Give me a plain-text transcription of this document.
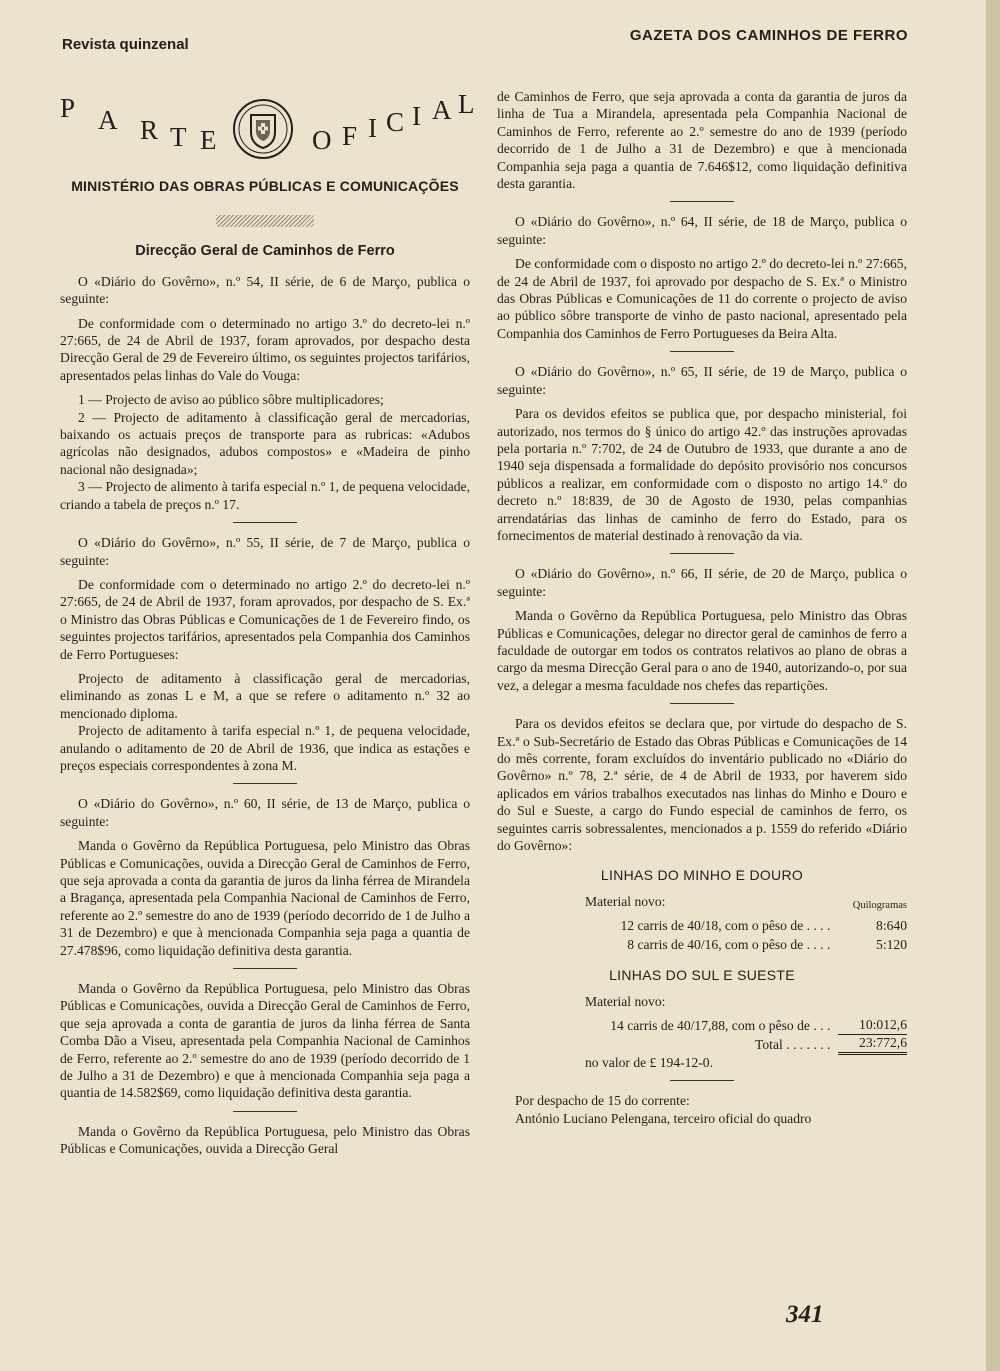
Revista quinzenal
GAZETA DOS CAMINHOS DE FERRO
P A R T E	O F I C I A L
MINISTÉRIO DAS OBRAS PÚBLICAS E COMUNICAÇÕES
Direcção Geral de Caminhos de Ferro

O «Diário do Govêrno», n.º 54, II série, de 6 de Março, publica o seguinte:

De conformidade com o determinado no artigo 3.º do decreto-lei n.º 27:665, de 24 de Abril de 1937, foram aprovados, por despacho desta Direcção Geral de 29 de Fevereiro último, os seguintes projectos tarifários, apresentados pelas linhas do Vale do Vouga:

1 — Projecto de aviso ao público sôbre multiplicadores;

2 — Projecto de aditamento à classificação geral de mercadorias, baixando os actuais preços de transporte para as rubricas: «Adubos agrícolas não designados, adubos compostos» e «Madeira de pinho nacional não designada»;

3 — Projecto de alimento à tarifa especial n.º 1, de pequena velocidade, criando a tabela de preços n.º 17.

O «Diário do Govêrno», n.º 55, II série, de 7 de Março, publica o seguinte:

De conformidade com o determinado no artigo 2.º do decreto-lei n.º 27:665, de 24 de Abril de 1937, foram aprovados, por despacho de S. Ex.ª o Ministro das Obras Públicas e Comunicações de 1 de Fevereiro findo, os seguintes projectos tarifários, apresentados pela Companhia dos Caminhos de Ferro Portugueses:

Projecto de aditamento à classificação geral de mercadorias, eliminando as zonas L e M, a que se refere o aditamento n.º 32 ao mencionado diploma.

Projecto de aditamento à tarifa especial n.º 1, de pequena velocidade, anulando o aditamento de 20 de Abril de 1936, que indica as estações e preços especiais correspondentes à zona M.

O «Diário do Govêrno», n.º 60, II série, de 13 de Março, publica o seguinte:

Manda o Govêrno da República Portuguesa, pelo Ministro das Obras Públicas e Comunicações, ouvida a Direcção Geral de Caminhos de Ferro, que seja aprovada a conta da garantia de juros da linha férrea de Mirandela a Bragança, apresentada pela Companhia Nacional de Caminhos de Ferro, referente ao 2.º semestre do ano de 1939 (período decorrido de 1 de Julho a 31 de Dezembro) e que à mencionada Companhia seja paga a quantia de 27.478$96, como liquidação definitiva desta garantia.

Manda o Govêrno da República Portuguesa, pelo Ministro das Obras Públicas e Comunicações, ouvida a Direcção Geral de Caminhos de Ferro, que seja aprovada a conta de garantia de juros da linha férrea de Santa Comba Dão a Viseu, apresentada pela Companhia Nacional de Caminhos de Ferro, referente ao 2.º semestre do ano de 1939 (período decorrido de 1 de Julho a 31 de Dezembro) e que à mencionada Companhia seja paga a quantia de 14.582$69, como liquidação definitiva desta garantia.

Manda o Govêrno da República Portuguesa, pelo Ministro das Obras Públicas e Comunicações, ouvida a Direcção Geral

de Caminhos de Ferro, que seja aprovada a conta da garantia de juros da linha de Tua a Mirandela, apresentada pela Companhia Nacional de Caminhos de Ferro, referente ao 2.º semestre do ano de 1939 (período decorrido de 1 de Julho a 31 de Dezembro) e que à mencionada Companhia seja paga a quantia de 7.646$12, como liquidação definitiva desta garantia.

O «Diário do Govêrno», n.º 64, II série, de 18 de Março, publica o seguinte:

De conformidade com o disposto no artigo 2.º do decreto-lei n.º 27:665, de 24 de Abril de 1937, foi aprovado por despacho de S. Ex.ª o Ministro das Obras Públicas e Comunicações de 11 do corrente o projecto de aviso ao público sôbre transporte de vinho de pasto nacional, apresentado pela Companhia dos Caminhos de Ferro Portugueses da Beira Alta.

O «Diário do Govêrno», n.º 65, II série, de 19 de Março, publica o seguinte:

Para os devidos efeitos se publica que, por despacho ministerial, foi autorizado, nos termos do § único do artigo 42.º das instruções aprovadas pela portaria n.º 7:702, de 24 de Outubro de 1933, que durante a ano de 1940 seja dispensada a formalidade do depósito provisório nos concursos públicos a realizar, em conformidade com o disposto no artigo 14.º do decreto n.º 18:839, de 30 de Agosto de 1930, pelas companhias arrendatárias das linhas de caminho de ferro do Estado, para os fornecimentos de material destinado à renovação da via.

O «Diário do Govêrno», n.º 66, II série, de 20 de Março, publica o seguinte:

Manda o Govêrno da República Portuguesa, pelo Ministro das Obras Públicas e Comunicações, delegar no director geral de caminhos de ferro a faculdade de outorgar em todos os contratos relativos ao plano de obras a cargo da mesma Direcção Geral para o ano de 1940, autorizando-o, por sua vez, a delegar a mesma faculdade nos chefes das repartições.

Para os devidos efeitos se declara que, por virtude do despacho de S. Ex.ª o Sub-Secretário de Estado das Obras Públicas e Comunicações de 14 do mês corrente, foram excluídos do inventário publicado no «Diário do Govêrno» n.º 78, 2.ª série, de 4 de Abril de 1933, por haverem sido aplicados em vários trabalhos executados nas linhas do Minho e Douro e do Sul e Sueste, a cargo do Fundo especial de caminhos de ferro, os seguintes carris sobressalentes, mencionados a p. 1559 do referido «Diário do Govêrno»:

LINHAS DO MINHO E DOURO
Material novo:	Quilogramas
12 carris de 40/18, com o pêso de . . . .	8:640
8 carris de 40/16, com o pêso de . . . .	5:120
LINHAS DO SUL E SUESTE
Material novo:
14 carris de 40/17,88, com o pêso de . . .	10:012,6
Total . . . . . . .	23:772,6

no valor de £ 194-12-0.

Por despacho de 15 do corrente:

António Luciano Pelengana, terceiro oficial do quadro

341
